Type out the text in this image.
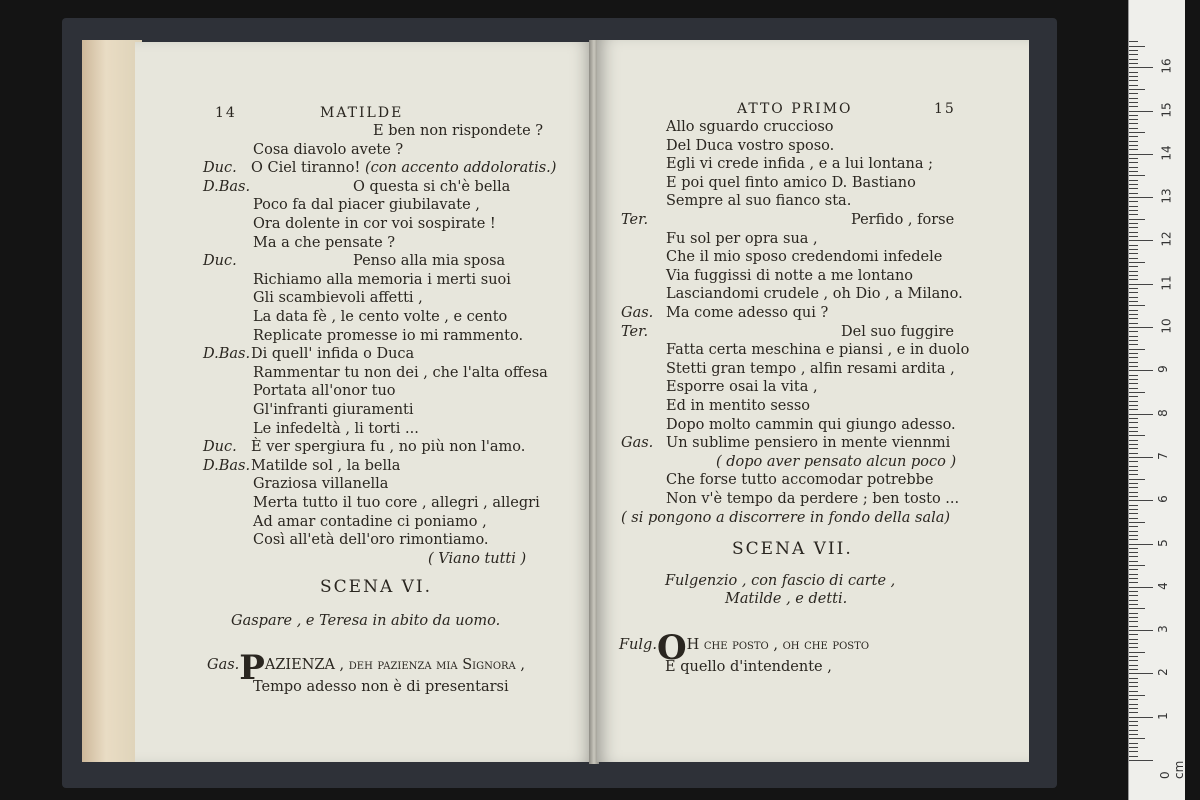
14	MATILDE
E ben non rispondete ?
Cosa diavolo avete ?
Duc. O Ciel tiranno! (con accento addoloratis.)
D.Bas.	O questa si ch'è bella
Poco fa dal piacer giubilavate ,
Ora dolente in cor voi sospirate !
Ma a che pensate ?
Duc.	Penso alla mia sposa
Richiamo alla memoria i merti suoi
Gli scambievoli affetti ,
La data fè , le cento volte , e cento
Replicate promesse io mi rammento.
D.Bas. Di quell' infida o Duca
Rammentar tu non dei , che l'alta offesa
Portata all'onor tuo
Gl'infranti giuramenti
Le infedeltà , li torti ...
Duc. È ver spergiura fu , no più non l'amo.
D.Bas. Matilde sol , la bella
Graziosa villanella
Merta tutto il tuo core , allegri , allegri
Ad amar contadine ci poniamo ,
Così all'età dell'oro rimontiamo.
( Viano tutti )
SCENA VI.
Gaspare , e Teresa in abito da uomo.
Gas.PAZIENZA , deh pazienza mia Signora ,
Tempo adesso non è di presentarsi
ATTO PRIMO	15
Allo sguardo cruccioso
Del Duca vostro sposo.
Egli vi crede infida , e a lui lontana ;
E poi quel finto amico D. Bastiano
Sempre al suo fianco sta.
Ter.	Perfido , forse
Fu sol per opra sua ,
Che il mio sposo credendomi infedele
Via fuggissi di notte a me lontano
Lasciandomi crudele , oh Dio , a Milano.
Gas. Ma come adesso qui ?
Ter.	Del suo fuggire
Fatta certa meschina e piansi , e in duolo
Stetti gran tempo , alfin resami ardita ,
Esporre osai la vita ,
Ed in mentito sesso
Dopo molto cammin qui giungo adesso.
Gas. Un sublime pensiero in mente viennmi
( dopo aver pensato alcun poco )
Che forse tutto accomodar potrebbe
Non v'è tempo da perdere ; ben tosto ...
( si pongono a discorrere in fondo della sala)
SCENA VII.
Fulgenzio , con fascio di carte ,
Matilde , e detti.
Fulg.OH che posto , oh che posto
È quello d'intendente ,
0 cm
1
2
3
4
5
6
7
8
9
10
11
12
13
14
15
16
